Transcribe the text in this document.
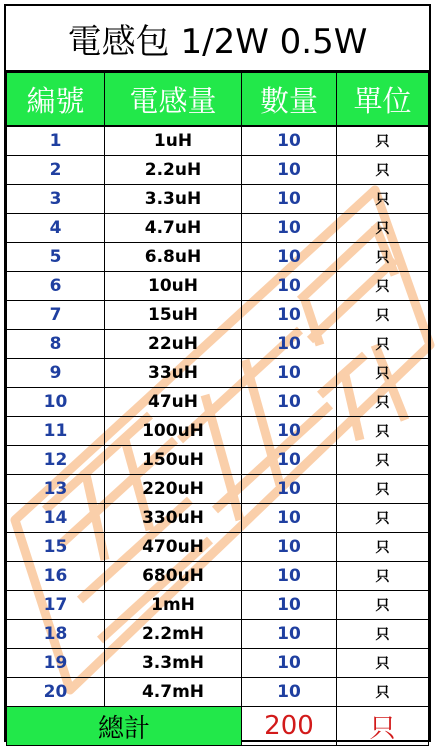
電感包 1/2W 0.5W
編號	電感量	數量	單位
1	1uH	10	只
2	2.2uH	10	只
3	3.3uH	10	只
4	4.7uH	10	只
5	6.8uH	10	只
6	10uH	10	只
7	15uH	10	只
8	22uH	10	只
9	33uH	10	只
10	47uH	10	只
11	100uH	10	只
12	150uH	10	只
13	220uH	10	只
14	330uH	10	只
15	470uH	10	只
16	680uH	10	只
17	1mH	10	只
18	2.2mH	10	只
19	3.3mH	10	只
20	4.7mH	10	只
總計		200	只
